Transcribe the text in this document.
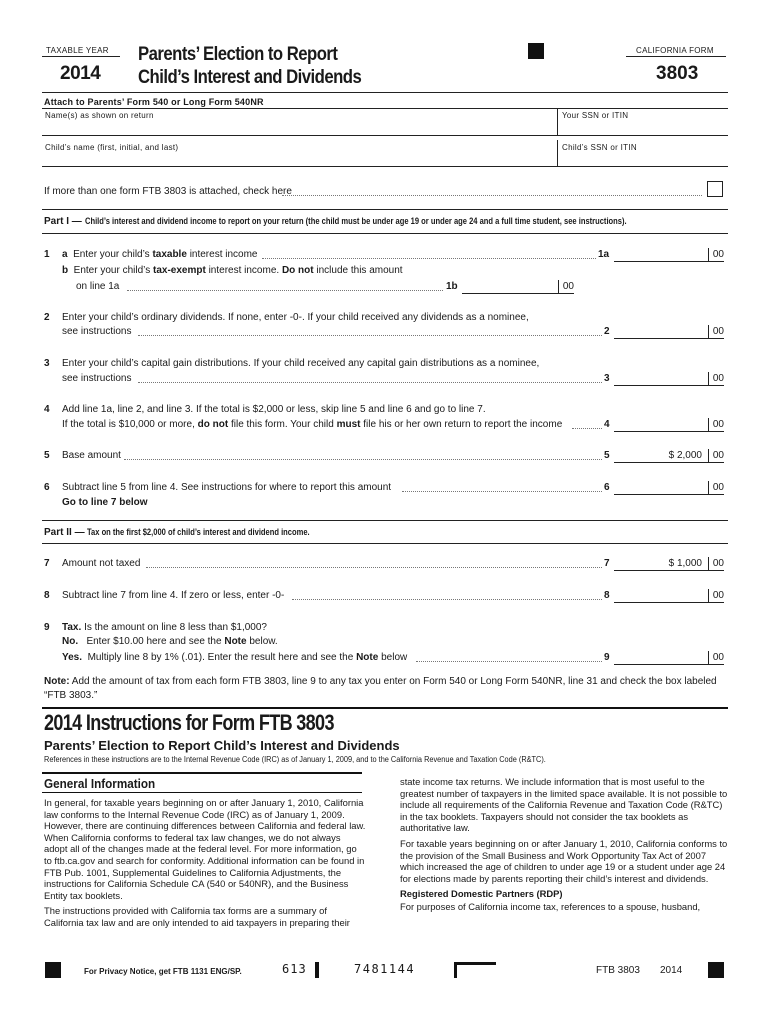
TAXABLE YEAR
2014
Parents’ Election to Report
Child’s Interest and Dividends
CALIFORNIA FORM
3803
Attach to Parents’ Form 540 or Long Form 540NR
Name(s) as shown on return	Your SSN or ITIN
Child’s name (first, initial, and last)	Child’s SSN or ITIN
If more than one form FTB 3803 is attached, check here
Part I — Child’s interest and dividend income to report on your return (the child must be under age 19 or under age 24 and a full time student, see instructions).
1 a Enter your child’s taxable interest income	1a	00
b Enter your child’s tax-exempt interest income. Do not include this amount
on line 1a	1b	00
2 Enter your child’s ordinary dividends. If none, enter -0-. If your child received any dividends as a nominee,
see instructions	2	00
3 Enter your child’s capital gain distributions. If your child received any capital gain distributions as a nominee,
see instructions	3	00
4 Add line 1a, line 2, and line 3. If the total is $2,000 or less, skip line 5 and line 6 and go to line 7.
If the total is $10,000 or more, do not file this form. Your child must file his or her own return to report the income	4	00
5 Base amount	5	$ 2,000	00
6 Subtract line 5 from line 4. See instructions for where to report this amount	6	00
Go to line 7 below
Part II — Tax on the first $2,000 of child’s interest and dividend income.
7 Amount not taxed	7	$ 1,000	00
8 Subtract line 7 from line 4. If zero or less, enter -0-	8	00
9 Tax. Is the amount on line 8 less than $1,000?
No. Enter $10.00 here and see the Note below.
Yes. Multiply line 8 by 1% (.01). Enter the result here and see the Note below	9	00
Note: Add the amount of tax from each form FTB 3803, line 9 to any tax you enter on Form 540 or Long Form 540NR, line 31 and check the box labeled “FTB 3803.”
2014 Instructions for Form FTB 3803
Parents’ Election to Report Child’s Interest and Dividends
References in these instructions are to the Internal Revenue Code (IRC) as of January 1, 2009, and to the California Revenue and Taxation Code (R&TC).
General Information

In general, for taxable years beginning on or after January 1, 2010, California law conforms to the Internal Revenue Code (IRC) as of January 1, 2009. However, there are continuing differences between California and federal law. When California conforms to federal tax law changes, we do not always adopt all of the changes made at the federal level. For more information, go to ftb.ca.gov and search for conformity. Additional information can be found in FTB Pub. 1001, Supplemental Guidelines to California Adjustments, the instructions for California Schedule CA (540 or 540NR), and the Business Entity tax booklets.

The instructions provided with California tax forms are a summary of California tax law and are only intended to aid taxpayers in preparing their

state income tax returns. We include information that is most useful to the greatest number of taxpayers in the limited space available. It is not possible to include all requirements of the California Revenue and Taxation Code (R&TC) in the tax booklets. Taxpayers should not consider the tax booklets as authoritative law.

For taxable years beginning on or after January 1, 2010, California conforms to the provision of the Small Business and Work Opportunity Tax Act of 2007 which increased the age of children to under age 19 or a student under age 24 for elections made by parents reporting their child’s interest and dividends.

Registered Domestic Partners (RDP)

For purposes of California income tax, references to a spouse, husband,

For Privacy Notice, get FTB 1131 ENG/SP.	613	7481144	FTB 3803 2014
